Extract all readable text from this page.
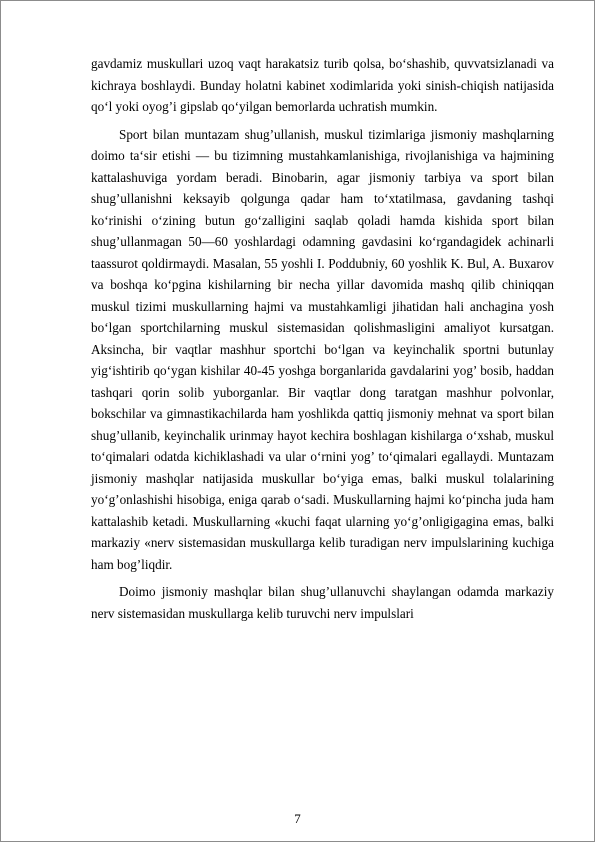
gavdamiz muskullari uzoq vaqt harakatsiz turib qolsa, bo‘shashib, quvvatsizlanadi va kichraya boshlaydi. Bunday holatni kabinet xodimlarida yoki sinish-chiqish natijasida qo‘l yoki oyog’i gipslab qo‘yilgan bemorlarda uchratish mumkin.

Sport bilan muntazam shug’ullanish, muskul tizimlariga jismoniy mashqlarning doimo ta‘sir etishi — bu tizimning mustahkamlanishiga, rivojlanishiga va hajmining kattalashuviga yordam beradi. Binobarin, agar jismoniy tarbiya va sport bilan shug’ullanishni keksayib qolgunga qadar ham to‘xtatilmasa, gavdaning tashqi ko‘rinishi o‘zining butun go‘zalligini saqlab qoladi hamda kishida sport bilan shug’ullanmagan 50—60 yoshlardagi odamning gavdasini ko‘rgandagidek achinarli taassurot qoldirmaydi. Masalan, 55 yoshli I. Poddubniy, 60 yoshlik K. Bul, A. Buxarov va boshqa ko‘pgina kishilarning bir necha yillar davomida mashq qilib chiniqqan muskul tizimi muskullarning hajmi va mustahkamligi jihatidan hali anchagina yosh bo‘lgan sportchilarning muskul sistemasidan qolishmasligini amaliyot kursatgan. Aksincha, bir vaqtlar mashhur sportchi bo‘lgan va keyinchalik sportni butunlay yig‘ishtirib qo‘ygan kishilar 40-45 yoshga borganlarida gavdalarini yog’ bosib, haddan tashqari qorin solib yuborganlar. Bir vaqtlar dong taratgan mashhur polvonlar, bokschilar va gimnastikachilarda ham yoshlikda qattiq jismoniy mehnat va sport bilan shug’ullanib, keyinchalik urinmay hayot kechira boshlagan kishilarga o‘xshab, muskul to‘qimalari odatda kichiklashadi va ular o‘rnini yog’ to‘qimalari egallaydi. Muntazam jismoniy mashqlar natijasida muskullar bo‘yiga emas, balki muskul tolalarining yo‘g’onlashishi hisobiga, eniga qarab o‘sadi. Muskullarning hajmi ko‘pincha juda ham kattalashib ketadi. Muskullarning «kuchi faqat ularning yo‘g’onligigagina emas, balki markaziy «nerv sistemasidan muskullarga kelib turadigan nerv impulslarining kuchiga ham bog’liqdir.

Doimo jismoniy mashqlar bilan shug’ullanuvchi shaylangan odamda markaziy nerv sistemasidan muskullarga kelib turuvchi nerv impulslari

7
